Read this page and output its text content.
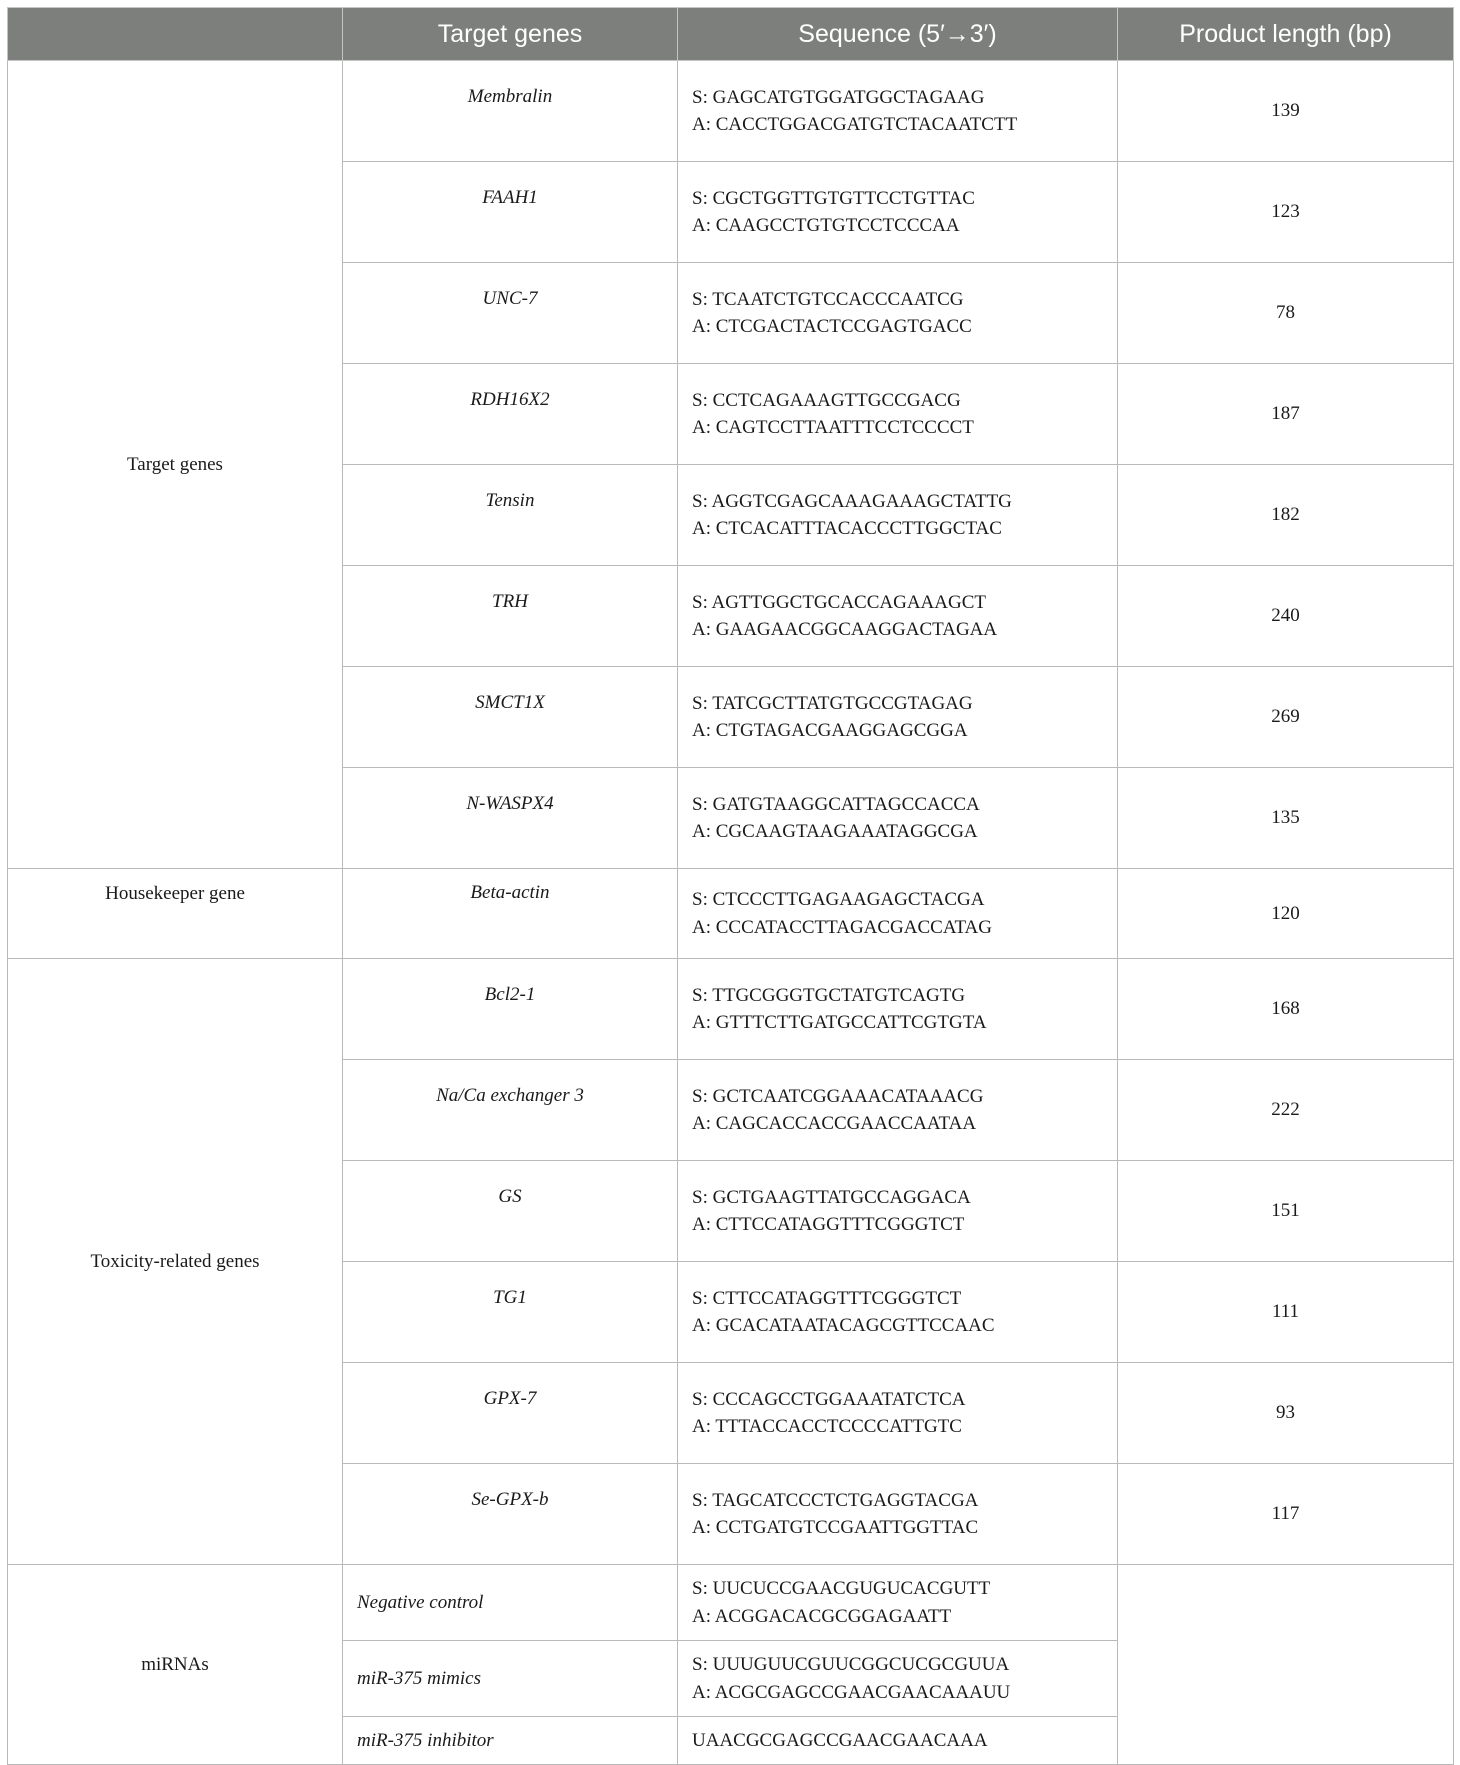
	Target genes	Sequence (5′→3′)	Product length (bp)
Target genes	Membralin	S: GAGCATGTGGATGGCTAGAAG
A: CACCTGGACGATGTCTACAATCTT	139
	FAAH1	S: CGCTGGTTGTGTTCCTGTTAC
A: CAAGCCTGTGTCCTCCCAA	123
	UNC-7	S: TCAATCTGTCCACCCAATCG
A: CTCGACTACTCCGAGTGACC	78
	RDH16X2	S: CCTCAGAAAGTTGCCGACG
A: CAGTCCTTAATTTCCTCCCCT	187
	Tensin	S: AGGTCGAGCAAAGAAAGCTATTG
A: CTCACATTTACACCCTTGGCTAC	182
	TRH	S: AGTTGGCTGCACCAGAAAGCT
A: GAAGAACGGCAAGGACTAGAA	240
	SMCT1X	S: TATCGCTTATGTGCCGTAGAG
A: CTGTAGACGAAGGAGCGGA	269
	N-WASPX4	S: GATGTAAGGCATTAGCCACCA
A: CGCAAGTAAGAAATAGGCGA	135
Housekeeper gene	Beta-actin	S: CTCCCTTGAGAAGAGCTACGA
A: CCCATACCTTAGACGACCATAG	120
Toxicity-related genes	Bcl2-1	S: TTGCGGGTGCTATGTCAGTG
A: GTTTCTTGATGCCATTCGTGTA	168
	Na/Ca exchanger 3	S: GCTCAATCGGAAACATAAACG
A: CAGCACCACCGAACCAATAA	222
	GS	S: GCTGAAGTTATGCCAGGACA
A: CTTCCATAGGTTTCGGGTCT	151
	TG1	S: CTTCCATAGGTTTCGGGTCT
A: GCACATAATACAGCGTTCCAAC	111
	GPX-7	S: CCCAGCCTGGAAATATCTCA
A: TTTACCACCTCCCCATTGTC	93
	Se-GPX-b	S: TAGCATCCCTCTGAGGTACGA
A: CCTGATGTCCGAATTGGTTAC	117
miRNAs	Negative control	S: UUCUCCGAACGUGUCACGUTT
A: ACGGACACGCGGAGAATT	

	miR-375 mimics	S: UUUGUUCGUUCGGCUCGCGUUA
A: ACGCGAGCCGAACGAACAAAUU	

	miR-375 inhibitor	UAACGCGAGCCGAACGAACAAA	
